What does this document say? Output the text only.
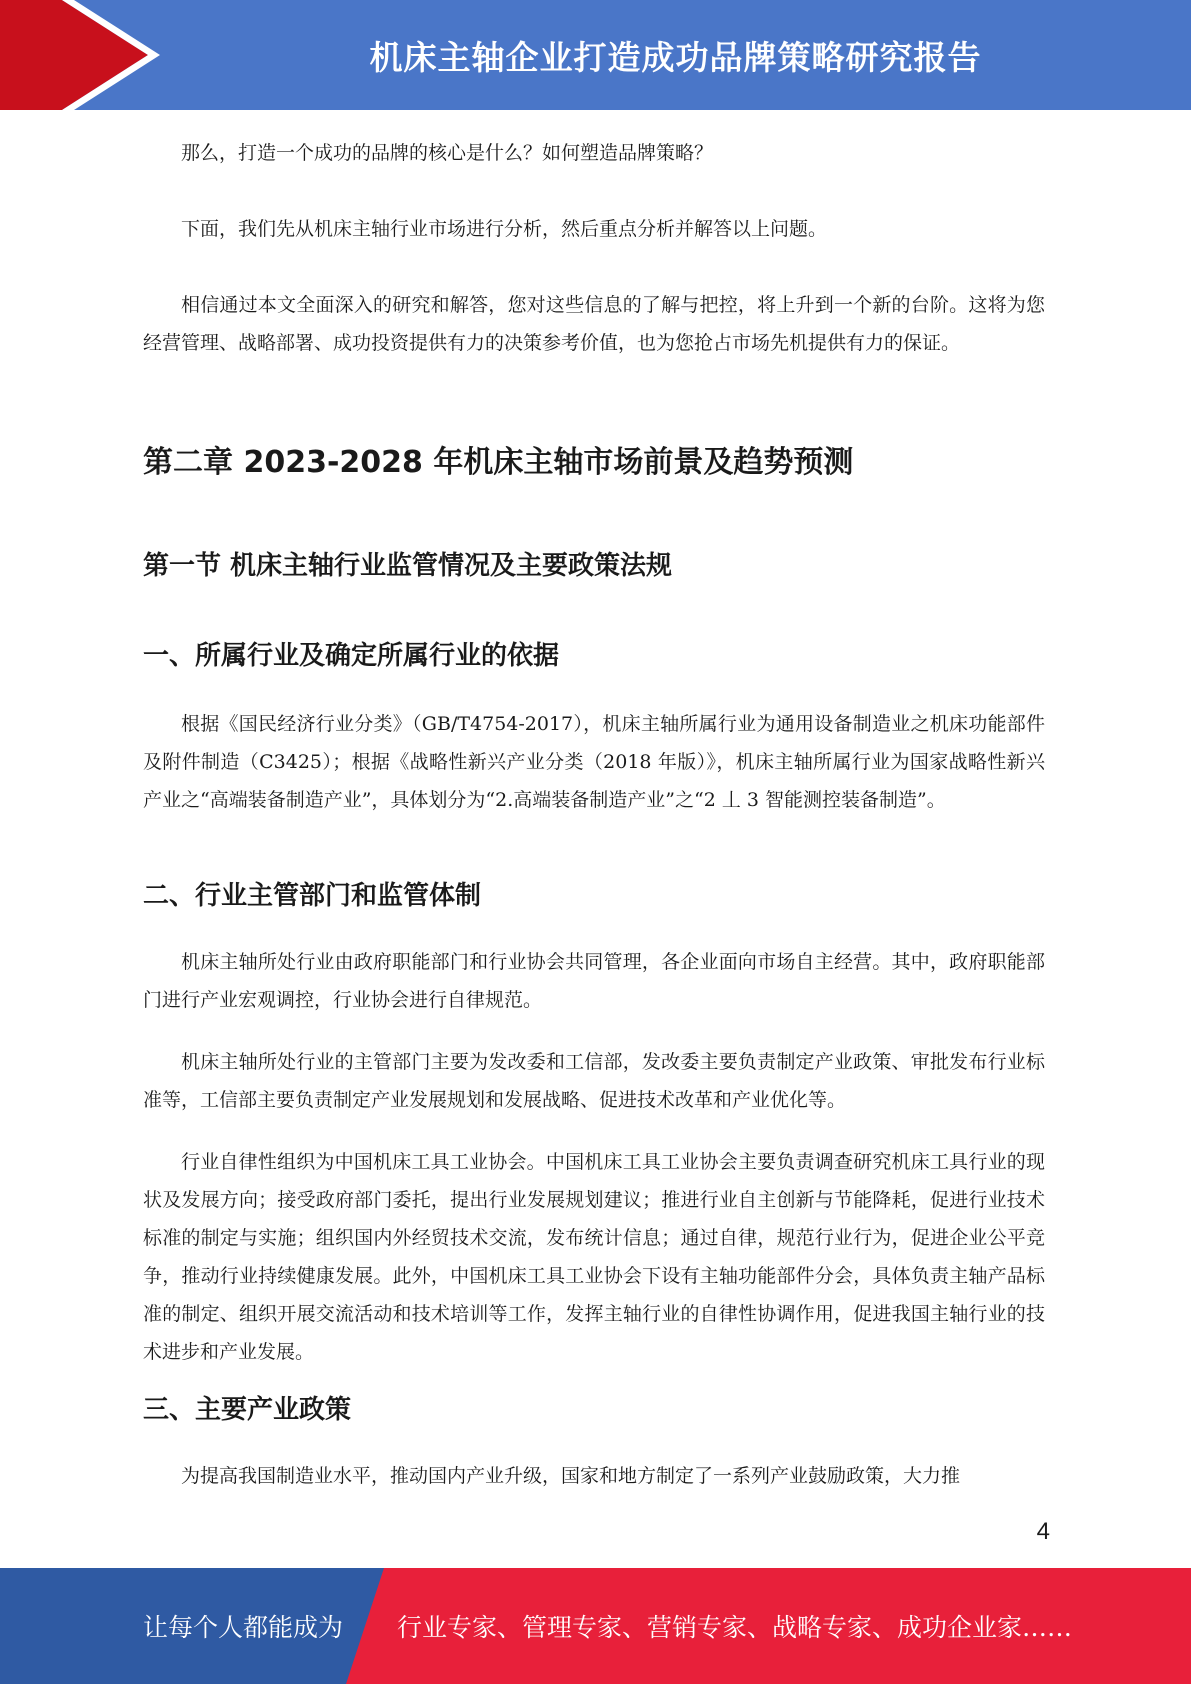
机床主轴企业打造成功品牌策略研究报告

那么，打造一个成功的品牌的核心是什么？如何塑造品牌策略？

下面，我们先从机床主轴行业市场进行分析，然后重点分析并解答以上问题。

相信通过本文全面深入的研究和解答，您对这些信息的了解与把控，将上升到一个新的台阶。这将为您经营管理、战略部署、成功投资提供有力的决策参考价值，也为您抢占市场先机提供有力的保证。

第二章 2023-2028 年机床主轴市场前景及趋势预测
第一节 机床主轴行业监管情况及主要政策法规
一、所属行业及确定所属行业的依据

根据《国民经济行业分类》（GB/T4754-2017），机床主轴所属行业为通用设备制造业之机床功能部件及附件制造（C3425）；根据《战略性新兴产业分类（2018 年版）》，机床主轴所属行业为国家战略性新兴产业之“高端装备制造产业”，具体划分为“2.高端装备制造产业”之“2 丄 3 智能测控装备制造”。

二、行业主管部门和监管体制

机床主轴所处行业由政府职能部门和行业协会共同管理，各企业面向市场自主经营。其中，政府职能部门进行产业宏观调控，行业协会进行自律规范。

机床主轴所处行业的主管部门主要为发改委和工信部，发改委主要负责制定产业政策、审批发布行业标准等，工信部主要负责制定产业发展规划和发展战略、促进技术改革和产业优化等。

行业自律性组织为中国机床工具工业协会。中国机床工具工业协会主要负责调查研究机床工具行业的现状及发展方向；接受政府部门委托，提出行业发展规划建议；推进行业自主创新与节能降耗，促进行业技术标准的制定与实施；组织国内外经贸技术交流，发布统计信息；通过自律，规范行业行为，促进企业公平竞争，推动行业持续健康发展。此外，中国机床工具工业协会下设有主轴功能部件分会，具体负责主轴产品标准的制定、组织开展交流活动和技术培训等工作，发挥主轴行业的自律性协调作用，促进我国主轴行业的技术进步和产业发展。

三、主要产业政策

为提高我国制造业水平，推动国内产业升级，国家和地方制定了一系列产业鼓励政策，大力推

4
让每个人都能成为 行业专家、管理专家、营销专家、战略专家、成功企业家……
